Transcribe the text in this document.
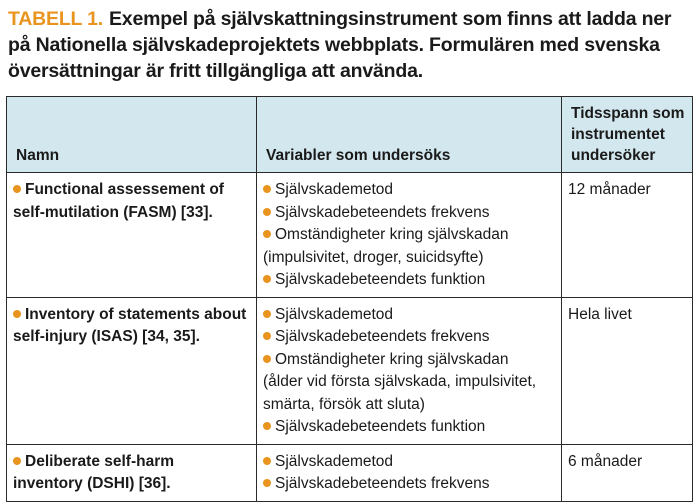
TABELL 1. Exempel på självskattningsinstrument som finns att ladda ner på Nationella självskadeprojektets webbplats. Formulären med svenska översättningar är fritt tillgängliga att använda.
Namn	Variabler som undersöks	Tidsspann som instrumentet undersöker
Functional assessement of self-mutilation (FASM) [33].	Självskademetod
Självskadebeteendets frekvens
Omständigheter kring självskadan
(impulsivitet, droger, suicidsyfte)
Självskadebeteendets funktion	12 månader
Inventory of statements about self-injury (ISAS) [34, 35].	Självskademetod
Självskadebeteendets frekvens
Omständigheter kring självskadan
(ålder vid första självskada, impulsivitet, smärta, försök att sluta)
Självskadebeteendets funktion	Hela livet
Deliberate self-harm inventory (DSHI) [36].	Självskademetod
Självskadebeteendets frekvens	6 månader
